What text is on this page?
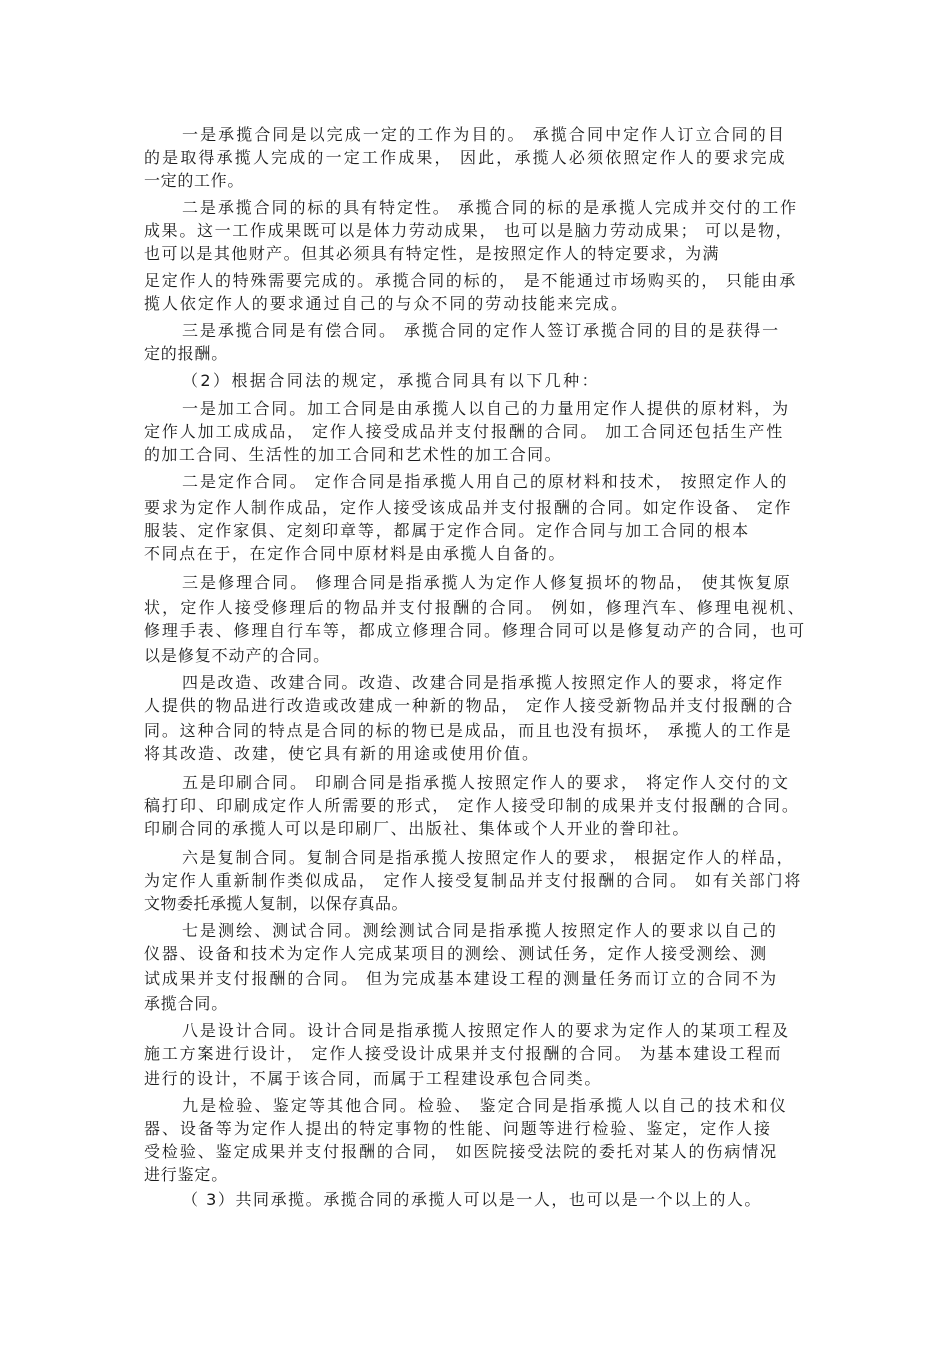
一是承揽合同是以完成一定的工作为目的。 承揽合同中定作人订立合同的目
的是取得承揽人完成的一定工作成果， 因此，承揽人必须依照定作人的要求完成
一定的工作。
二是承揽合同的标的具有特定性。 承揽合同的标的是承揽人完成并交付的工作
成果。这一工作成果既可以是体力劳动成果， 也可以是脑力劳动成果； 可以是物，
也可以是其他财产。但其必须具有特定性，是按照定作人的特定要求，为满
足定作人的特殊需要完成的。承揽合同的标的， 是不能通过市场购买的， 只能由承
揽人依定作人的要求通过自己的与众不同的劳动技能来完成。
三是承揽合同是有偿合同。 承揽合同的定作人签订承揽合同的目的是获得一
定的报酬。
（2）根据合同法的规定，承揽合同具有以下几种：
一是加工合同。加工合同是由承揽人以自己的力量用定作人提供的原材料，为
定作人加工成成品， 定作人接受成品并支付报酬的合同。 加工合同还包括生产性
的加工合同、生活性的加工合同和艺术性的加工合同。
二是定作合同。 定作合同是指承揽人用自己的原材料和技术， 按照定作人的
要求为定作人制作成品，定作人接受该成品并支付报酬的合同。如定作设备、 定作
服装、定作家俱、定刻印章等，都属于定作合同。定作合同与加工合同的根本
不同点在于，在定作合同中原材料是由承揽人自备的。
三是修理合同。 修理合同是指承揽人为定作人修复损坏的物品， 使其恢复原
状，定作人接受修理后的物品并支付报酬的合同。 例如，修理汽车、修理电视机、
修理手表、修理自行车等，都成立修理合同。修理合同可以是修复动产的合同，也可
以是修复不动产的合同。
四是改造、改建合同。改造、改建合同是指承揽人按照定作人的要求，将定作
人提供的物品进行改造或改建成一种新的物品， 定作人接受新物品并支付报酬的合
同。这种合同的特点是合同的标的物已是成品，而且也没有损坏， 承揽人的工作是
将其改造、改建，使它具有新的用途或使用价值。
五是印刷合同。 印刷合同是指承揽人按照定作人的要求， 将定作人交付的文
稿打印、印刷成定作人所需要的形式， 定作人接受印制的成果并支付报酬的合同。
印刷合同的承揽人可以是印刷厂、出版社、集体或个人开业的誊印社。
六是复制合同。复制合同是指承揽人按照定作人的要求， 根据定作人的样品，
为定作人重新制作类似成品， 定作人接受复制品并支付报酬的合同。 如有关部门将
文物委托承揽人复制，以保存真品。
七是测绘、测试合同。测绘测试合同是指承揽人按照定作人的要求以自己的
仪器、设备和技术为定作人完成某项目的测绘、测试任务，定作人接受测绘、测
试成果并支付报酬的合同。 但为完成基本建设工程的测量任务而订立的合同不为
承揽合同。
八是设计合同。设计合同是指承揽人按照定作人的要求为定作人的某项工程及
施工方案进行设计， 定作人接受设计成果并支付报酬的合同。 为基本建设工程而
进行的设计，不属于该合同，而属于工程建设承包合同类。
九是检验、鉴定等其他合同。检验、 鉴定合同是指承揽人以自己的技术和仪
器、设备等为定作人提出的特定事物的性能、问题等进行检验、鉴定，定作人接
受检验、鉴定成果并支付报酬的合同， 如医院接受法院的委托对某人的伤病情况
进行鉴定。
（ 3）共同承揽。承揽合同的承揽人可以是一人，也可以是一个以上的人。
